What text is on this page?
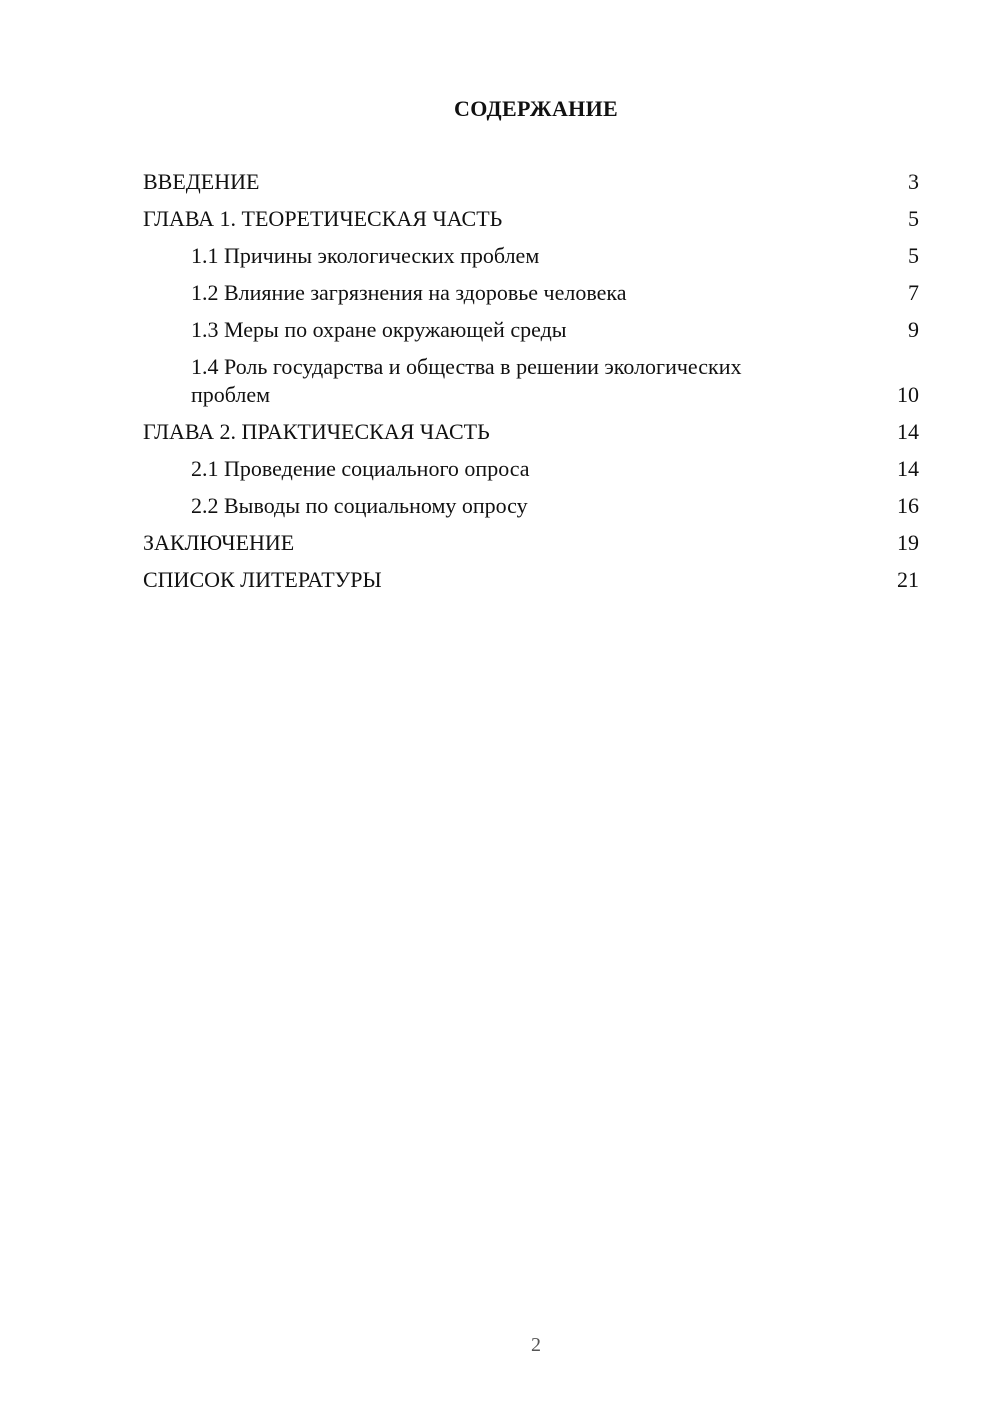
СОДЕРЖАНИЕ
ВВЕДЕНИЕ	3
ГЛАВА 1. ТЕОРЕТИЧЕСКАЯ ЧАСТЬ	5
1.1 Причины экологических проблем	5
1.2 Влияние загрязнения на здоровье человека	7
1.3 Меры по охране окружающей среды	9
1.4 Роль государства и общества в решении экологических проблем	10
ГЛАВА 2. ПРАКТИЧЕСКАЯ ЧАСТЬ	14
2.1 Проведение социального опроса	14
2.2 Выводы по социальному опросу	16
ЗАКЛЮЧЕНИЕ	19
СПИСОК ЛИТЕРАТУРЫ	21
2
